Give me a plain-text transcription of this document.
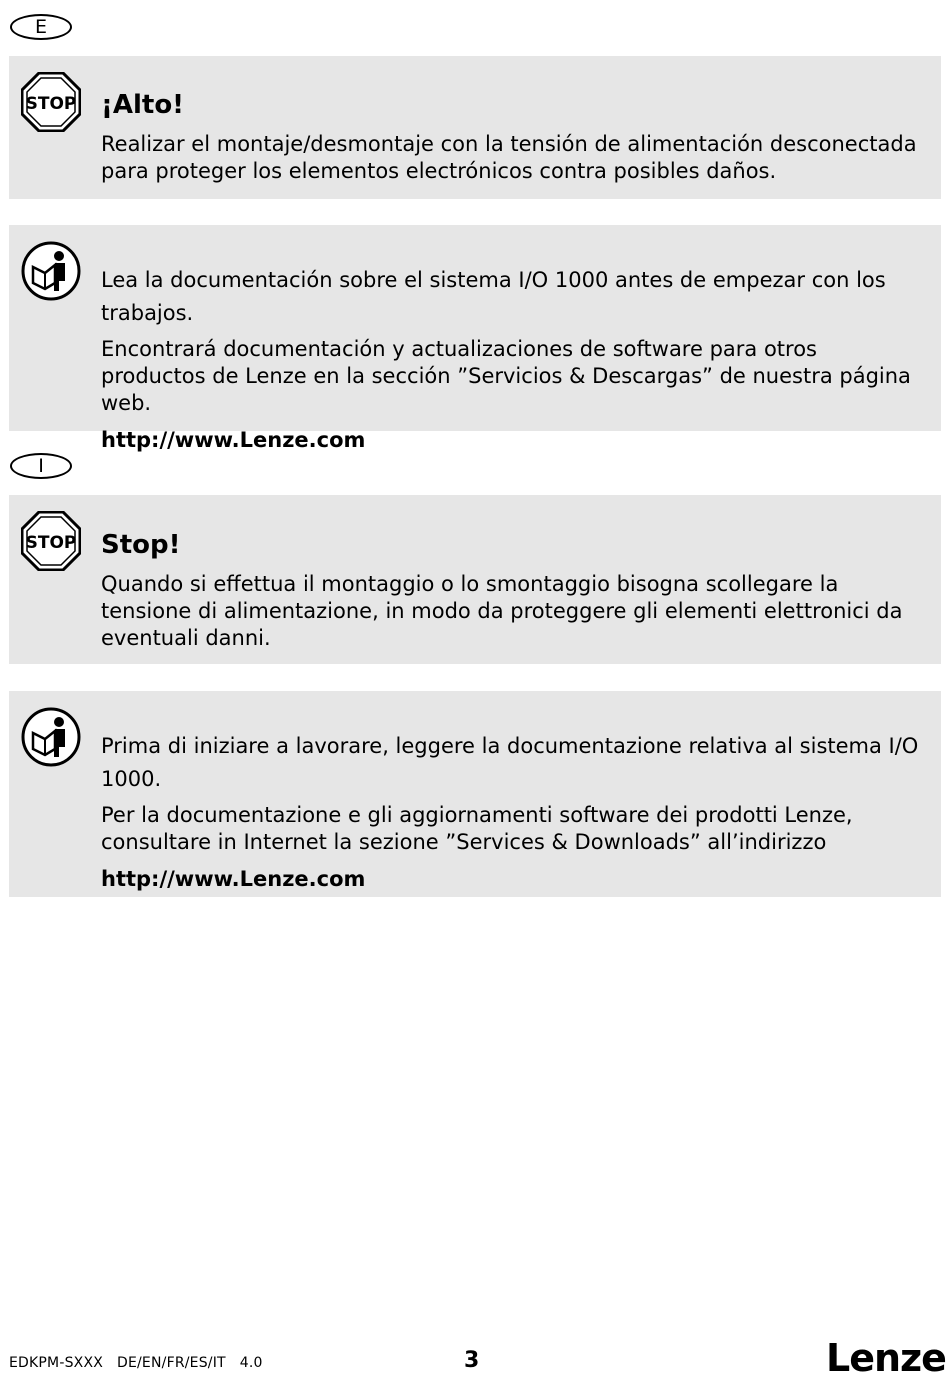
E
STOP ¡Alto!

Realizar el montaje/desmontaje con la tensión de alimentación desconectada para proteger los elementos electrónicos contra posibles daños.

Lea la documentación sobre el sistema I/O 1000 antes de empezar con los trabajos.

Encontrará documentación y actualizaciones de software para otros productos de Lenze en la sección ”Servicios & Descargas” de nuestra página web.

http://www.Lenze.com
I
STOP Stop!

Quando si effettua il montaggio o lo smontaggio bisogna scollegare la tensione di alimentazione, in modo da proteggere gli elementi elettronici da eventuali danni.

Prima di iniziare a lavorare, leggere la documentazione relativa al sistema I/O 1000.

Per la documentazione e gli aggiornamenti software dei prodotti Lenze, consultare in Internet la sezione ”Services & Downloads” all’indirizzo

http://www.Lenze.com
EDKPM-SXXX   DE/EN/FR/ES/IT   4.0	3	Lenze
